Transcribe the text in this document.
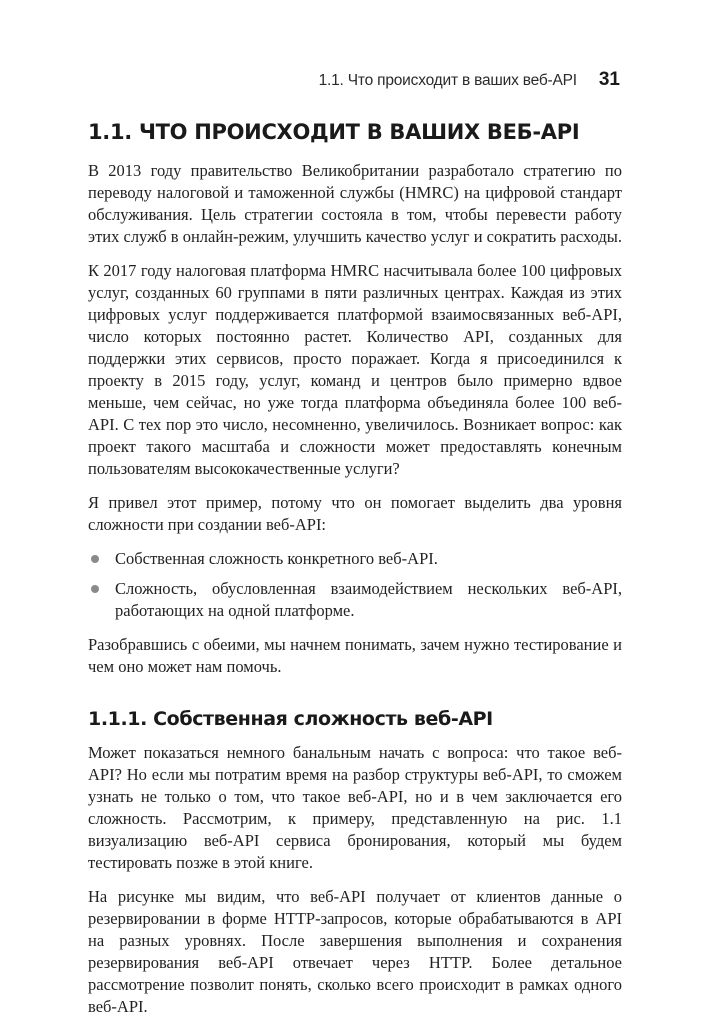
1.1. Что происходит в ваших веб-API 31
1.1. ЧТО ПРОИСХОДИТ В ВАШИХ ВЕБ-API

В 2013 году правительство Великобритании разработало стратегию по переводу налоговой и таможенной службы (HMRC) на цифровой стандарт обслуживания. Цель стратегии состояла в том, чтобы перевести работу этих служб в онлайн-режим, улучшить качество услуг и сократить расходы.

К 2017 году налоговая платформа HMRC насчитывала более 100 цифровых услуг, созданных 60 группами в пяти различных центрах. Каждая из этих цифровых услуг поддерживается платформой взаимосвязанных веб-API, число которых постоянно растет. Количество API, созданных для поддержки этих сервисов, просто поражает. Когда я присоединился к проекту в 2015 году, услуг, команд и центров было примерно вдвое меньше, чем сейчас, но уже тогда платформа объединяла более 100 веб-API. С тех пор это число, несомненно, увеличилось. Возникает вопрос: как проект такого масштаба и сложности может предоставлять конечным пользователям высококачественные услуги?

Я привел этот пример, потому что он помогает выделить два уровня сложности при создании веб-API:

Собственная сложность конкретного веб-API.
Сложность, обусловленная взаимодействием нескольких веб-API, работающих на одной платформе.

Разобравшись с обеими, мы начнем понимать, зачем нужно тестирование и чем оно может нам помочь.

1.1.1. Собственная сложность веб-API

Может показаться немного банальным начать с вопроса: что такое веб-API? Но если мы потратим время на разбор структуры веб-API, то сможем узнать не только о том, что такое веб-API, но и в чем заключается его сложность. Рассмотрим, к примеру, представленную на рис. 1.1 визуализацию веб-API сервиса бронирования, который мы будем тестировать позже в этой книге.

На рисунке мы видим, что веб-API получает от клиентов данные о резервировании в форме HTTP-запросов, которые обрабатываются в API на разных уровнях. После завершения выполнения и сохранения резервирования веб-API отвечает через HTTP. Более детальное рассмотрение позволит понять, сколько всего происходит в рамках одного веб-API.
